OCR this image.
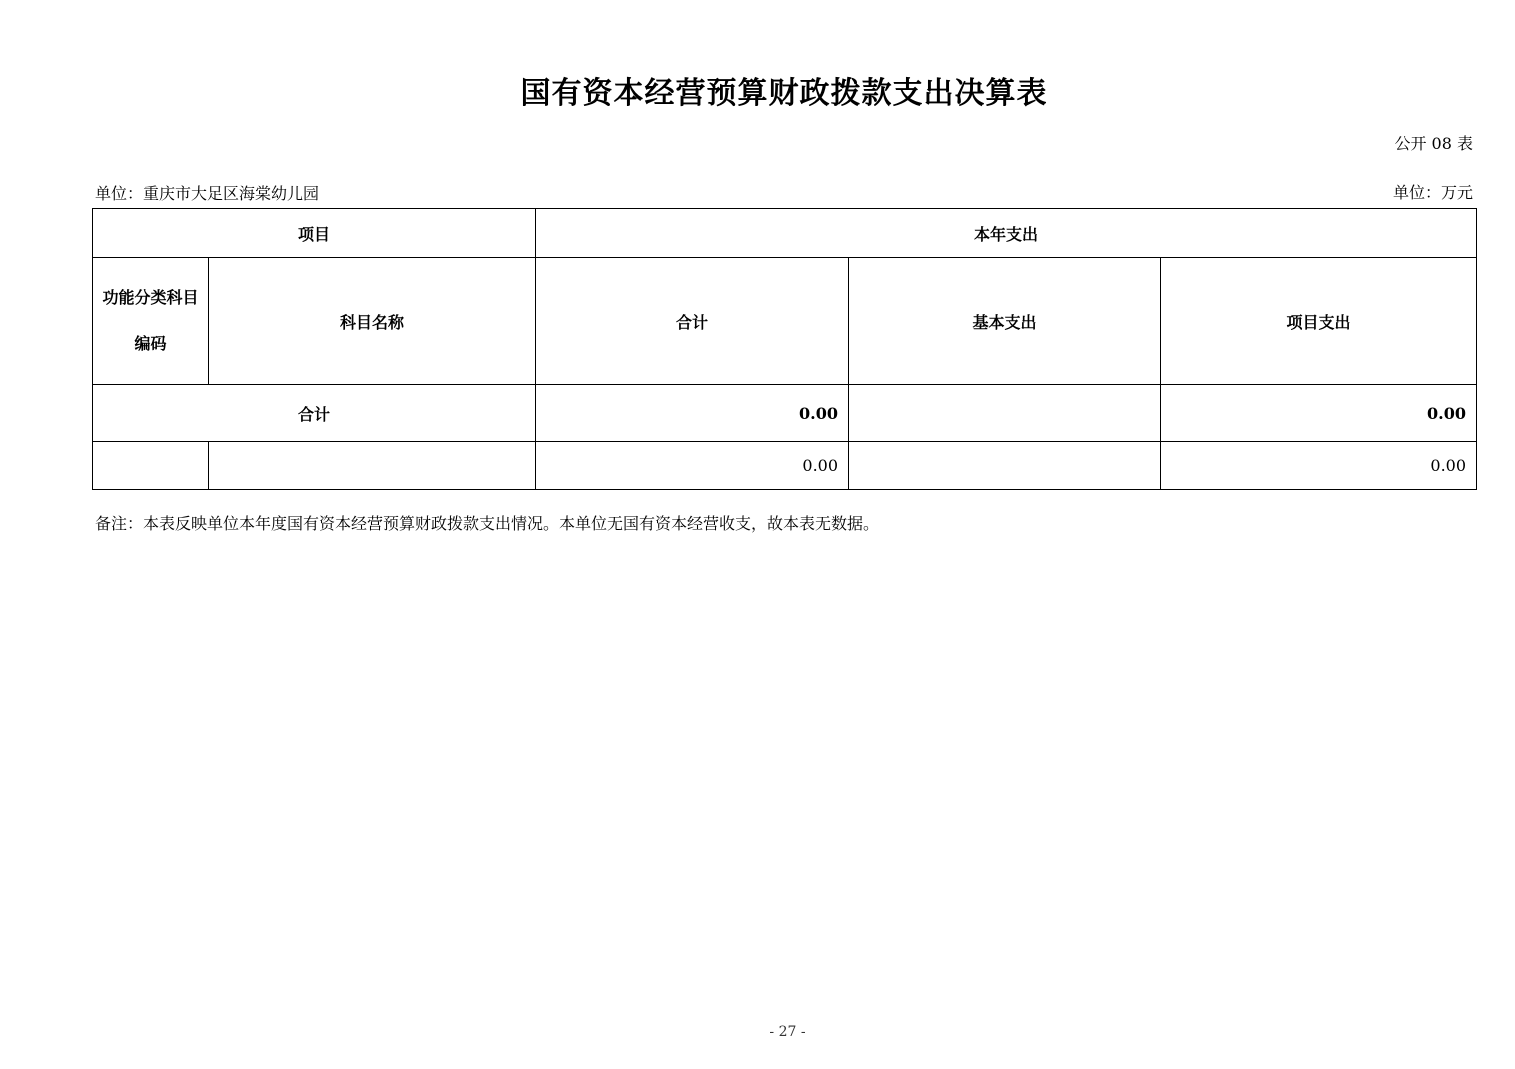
国有资本经营预算财政拨款支出决算表
公开 08 表
单位：重庆市大足区海棠幼儿园	单位：万元
项目		本年支出		

功能分类科目
编码	科目名称	合计	基本支出	项目支出
合计		0.00		0.00
		0.00		0.00
备注：本表反映单位本年度国有资本经营预算财政拨款支出情况。本单位无国有资本经营收支，故本表无数据。
- 27 -
